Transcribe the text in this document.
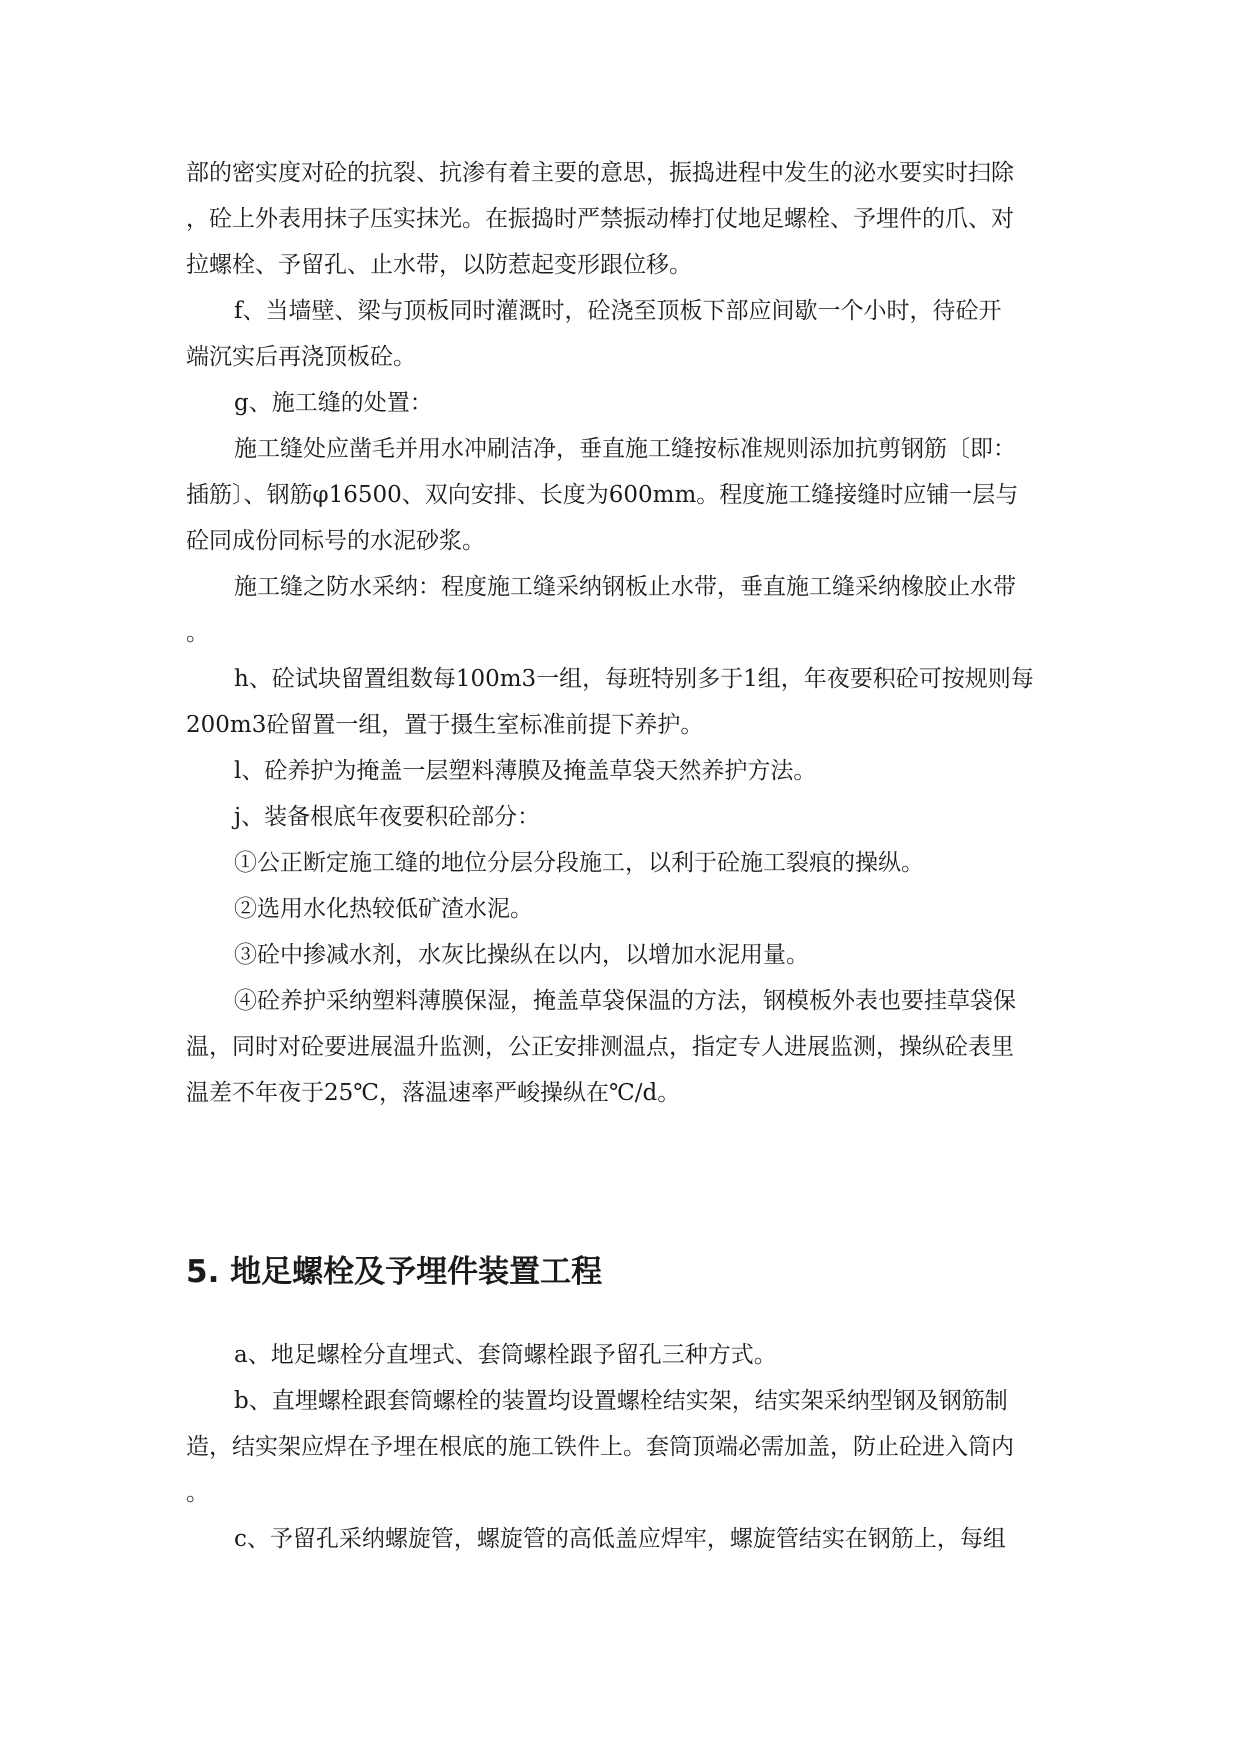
部的密实度对砼的抗裂、抗渗有着主要的意思，振捣进程中发生的泌水要实时扫除
，砼上外表用抹子压实抹光。在振捣时严禁振动棒打仗地足螺栓、予埋件的爪、对
拉螺栓、予留孔、止水带，以防惹起变形跟位移。
f、当墙壁、梁与顶板同时灌溉时，砼浇至顶板下部应间歇一个小时，待砼开
端沉实后再浇顶板砼。
g、施工缝的处置：
施工缝处应凿毛并用水冲刷洁净，垂直施工缝按标准规则添加抗剪钢筋〔即：
插筋〕、钢筋φ16500、双向安排、长度为600mm。程度施工缝接缝时应铺一层与
砼同成份同标号的水泥砂浆。
施工缝之防水采纳：程度施工缝采纳钢板止水带，垂直施工缝采纳橡胶止水带
。
h、砼试块留置组数每100m3一组，每班特别多于1组，年夜要积砼可按规则每
200m3砼留置一组，置于摄生室标准前提下养护。
l、砼养护为掩盖一层塑料薄膜及掩盖草袋天然养护方法。
j、装备根底年夜要积砼部分：
①公正断定施工缝的地位分层分段施工，以利于砼施工裂痕的操纵。
②选用水化热较低矿渣水泥。
③砼中掺减水剂，水灰比操纵在以内，以增加水泥用量。
④砼养护采纳塑料薄膜保湿，掩盖草袋保温的方法，钢模板外表也要挂草袋保
温，同时对砼要进展温升监测，公正安排测温点，指定专人进展监测，操纵砼表里
温差不年夜于25℃，落温速率严峻操纵在℃/d。
5. 地足螺栓及予埋件装置工程
a、地足螺栓分直埋式、套筒螺栓跟予留孔三种方式。
b、直埋螺栓跟套筒螺栓的装置均设置螺栓结实架，结实架采纳型钢及钢筋制
造，结实架应焊在予埋在根底的施工铁件上。套筒顶端必需加盖，防止砼进入筒内
。
c、予留孔采纳螺旋管，螺旋管的高低盖应焊牢，螺旋管结实在钢筋上，每组
